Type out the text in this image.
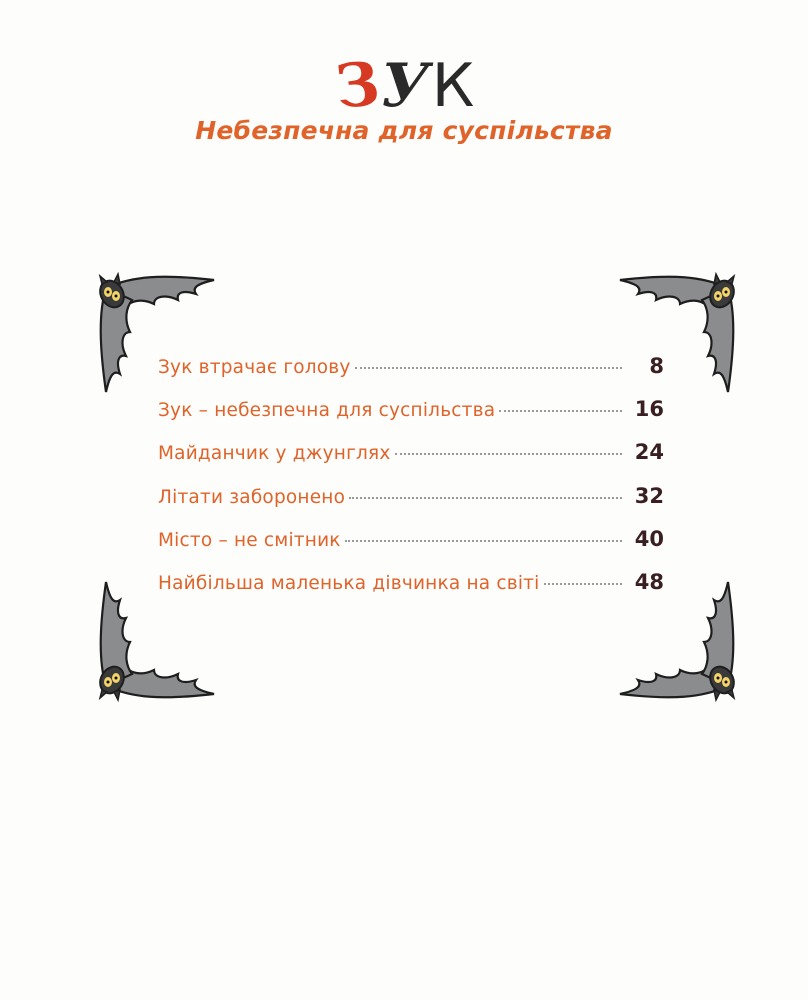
З
У К
Небезпечна для суспільства
Зук втрачає голову	8
Зук – небезпечна для суспільства	16
Майданчик у джунглях	24
Літати заборонено	32
Місто – не смітник	40
Найбільша маленька дівчинка на світі	48
